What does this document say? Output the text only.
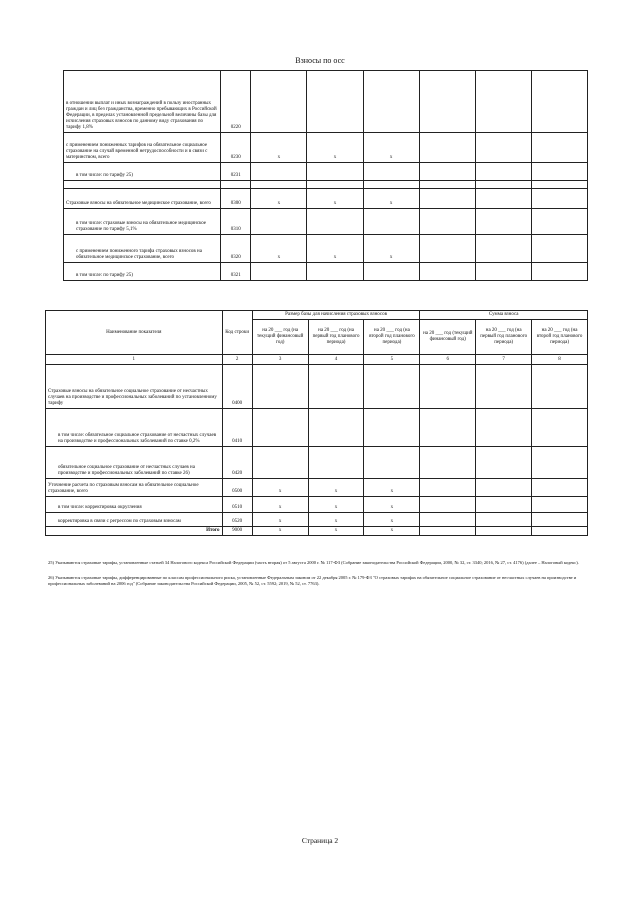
Взносы по осс
в отношении выплат и иных вознаграждений в пользу иностранных граждан и лиц без гражданства, временно пребывающих в Российской Федерации, в пределах установленной предельной величины базы для исчисления страховых взносов по данному виду страхования по тарифу 1,8%	0220						
с применением пониженных тарифов на обязательное социальное страхование на случай временной нетрудоспособности и в связи с материнством, всего	0230	x	x	x			
в том числе: по тарифу 25)	0231						

Страховые взносы на обязательное медицинское страхование, всего	0300	x	x	x			
в том числе: страховые взносы на обязательное медицинское страхование по тарифу 5,1%	0310						
с применением пониженного тарифа страховых взносов на обязательное медицинское страхование, всего	0320	x	x	x			
в том числе: по тарифу 25)	0321						
Наименование показателя	Код строки	Размер базы для начисления страховых взносов			Сумма взноса		
		на 20 ___ год (на текущий финансовый год)	на 20 ___ год (на первый год планового периода)	на 20 ___ год (на второй год планового периода)	на 20 ___ год (текущий финансовый год)	на 20 ___ год (на первый год планового периода)	на 20 ___ год (на второй год планового периода)
1	2	3	4	5	6	7	8
Страховые взносы на обязательное социальное страхование от несчастных случаев на производстве и профессиональных заболеваний по установленному тарифу	0400						
в том числе: обязательное социальное страхование от несчастных случаев на производстве и профессиональных заболеваний по ставке 0,2%	0410						
обязательное социальное страхование от несчастных случаев на производстве и профессиональных заболеваний по ставке 26)	0420						
Уточнение расчета по страховым взносам на обязательное социальное страхование, всего	0500	x	x	x			
в том числе: корректировка округления	0510	x	x	x			
корректировка в связи с регрессом по страховым взносам	0520	x	x	x			
Итого	9000	x	x	x			
25) Указываются страховые тарифы, установленные статьей 34 Налогового кодекса Российской Федерации (часть вторая) от 5 августа 2000 г. № 117-ФЗ (Собрание законодательства Российской Федерации, 2000, № 32, ст. 3340; 2016, № 27, ст. 4176) (далее – Налоговый кодекс).
26) Указываются страховые тарифы, дифференцированные по классам профессионального риска, установленные Федеральным законом от 22 декабря 2005 г. № 179-ФЗ "О страховых тарифах на обязательное социальное страхование от несчастных случаев на производстве и профессиональных заболеваний на 2006 год" (Собрание законодательства Российской Федерации, 2005, № 52, ст. 5592; 2019, № 52, ст. 7763).
Страница 2
